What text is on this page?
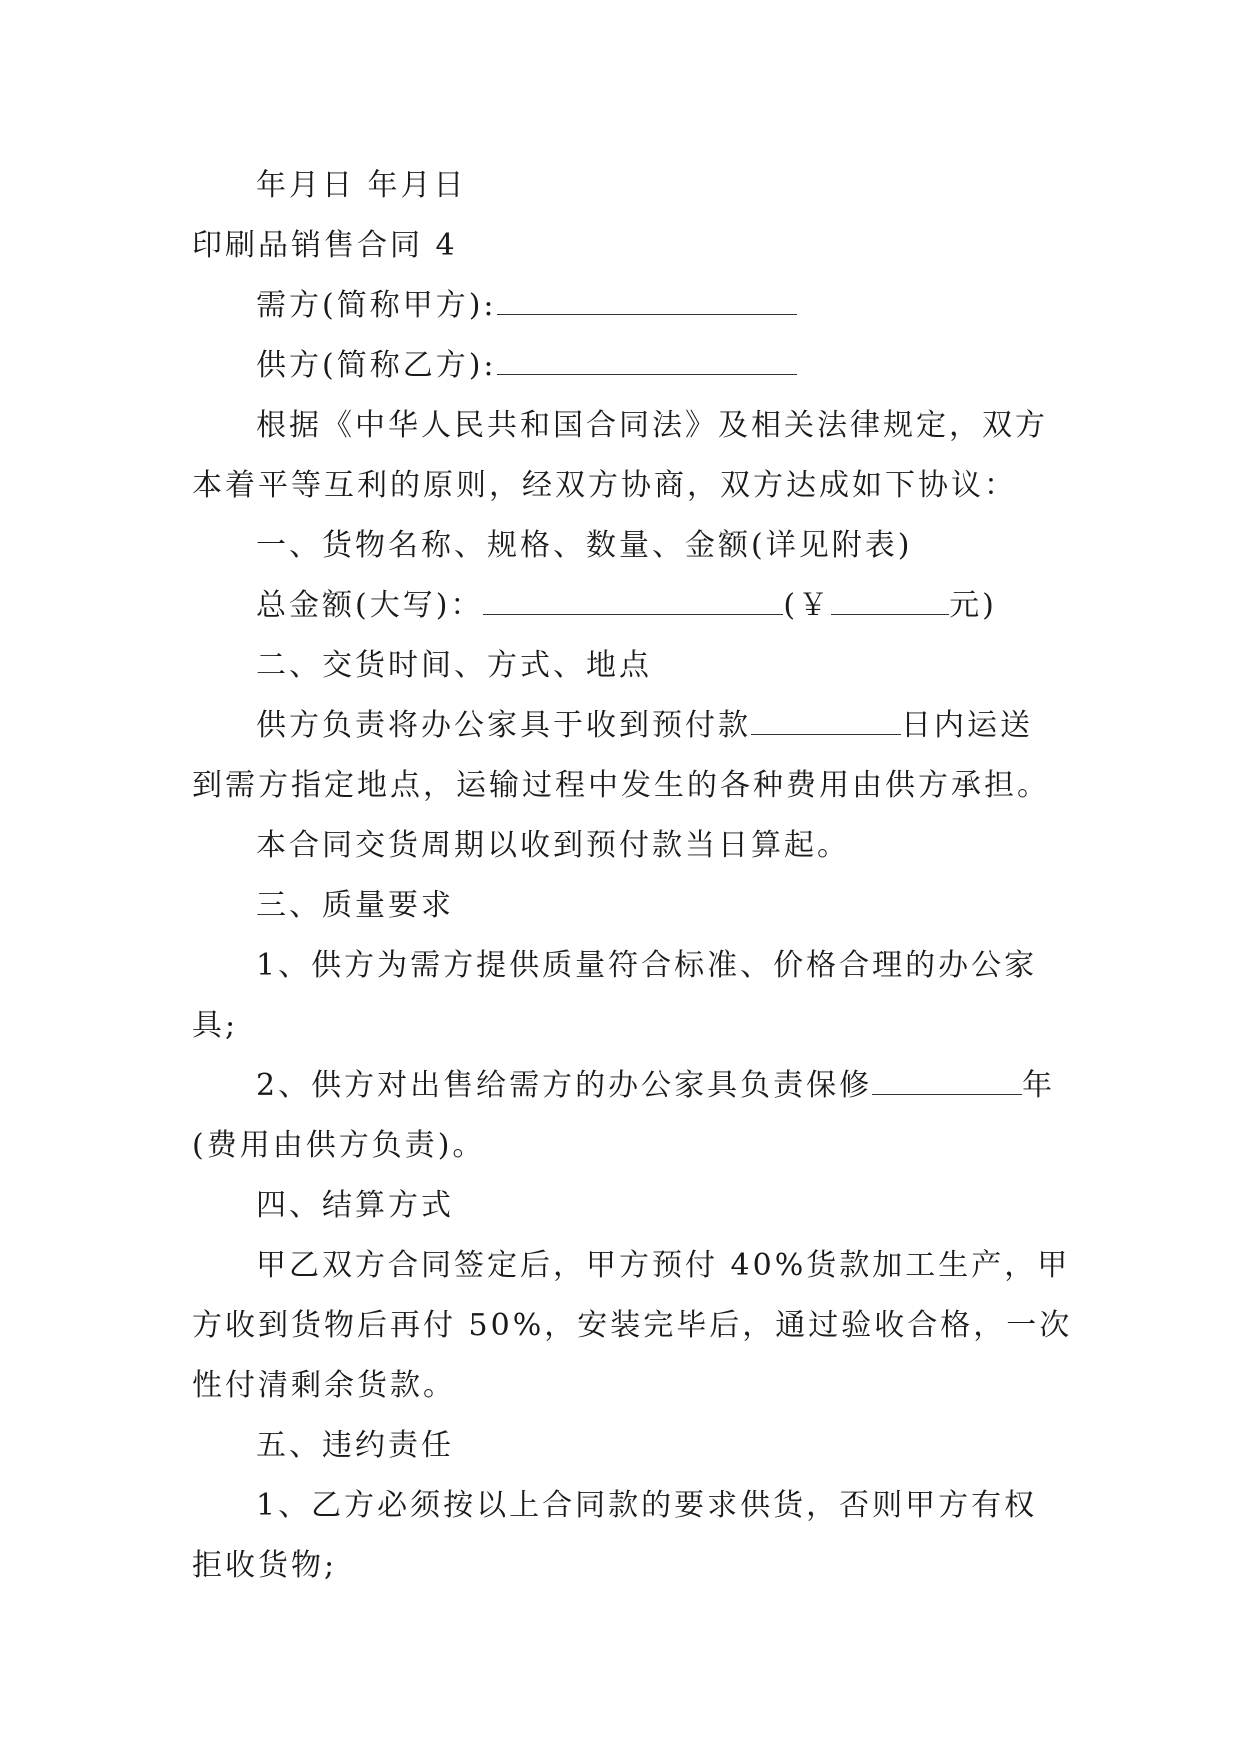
年月日 年月日
印刷品销售合同 4
需方(简称甲方):
供方(简称乙方):
根据《中华人民共和国合同法》及相关法律规定，双方
本着平等互利的原则，经双方协商，双方达成如下协议：
一、货物名称、规格、数量、金额(详见附表)
总金额(大写)：	(￥	元)
二、交货时间、方式、地点
供方负责将办公家具于收到预付款	日内运送
到需方指定地点，运输过程中发生的各种费用由供方承担。
本合同交货周期以收到预付款当日算起。
三、质量要求
1、供方为需方提供质量符合标准、价格合理的办公家
具;
2、供方对出售给需方的办公家具负责保修	年
(费用由供方负责)。
四、结算方式
甲乙双方合同签定后，甲方预付 40%货款加工生产，甲
方收到货物后再付 50%，安装完毕后，通过验收合格，一次
性付清剩余货款。
五、违约责任
1、乙方必须按以上合同款的要求供货，否则甲方有权
拒收货物;
